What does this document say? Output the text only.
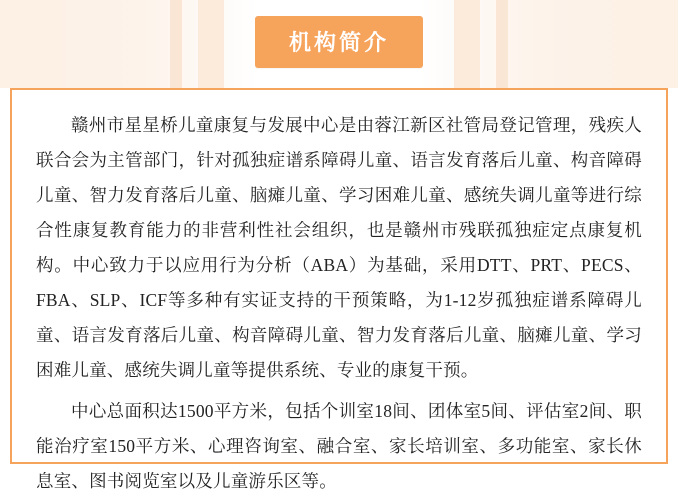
机构简介

赣州市星星桥儿童康复与发展中心是由蓉江新区社管局登记管理，残疾人联合会为主管部门，针对孤独症谱系障碍儿童、语言发育落后儿童、构音障碍儿童、智力发育落后儿童、脑瘫儿童、学习困难儿童、感统失调儿童等进行综合性康复教育能力的非营利性社会组织，也是赣州市残联孤独症定点康复机构。中心致力于以应用行为分析（ABA）为基础，采用DTT、PRT、PECS、FBA、SLP、ICF等多种有实证支持的干预策略，为1-12岁孤独症谱系障碍儿童、语言发育落后儿童、构音障碍儿童、智力发育落后儿童、脑瘫儿童、学习困难儿童、感统失调儿童等提供系统、专业的康复干预。

中心总面积达1500平方米，包括个训室18间、团体室5间、评估室2间、职能治疗室150平方米、心理咨询室、融合室、家长培训室、多功能室、家长休息室、图书阅览室以及儿童游乐区等。
